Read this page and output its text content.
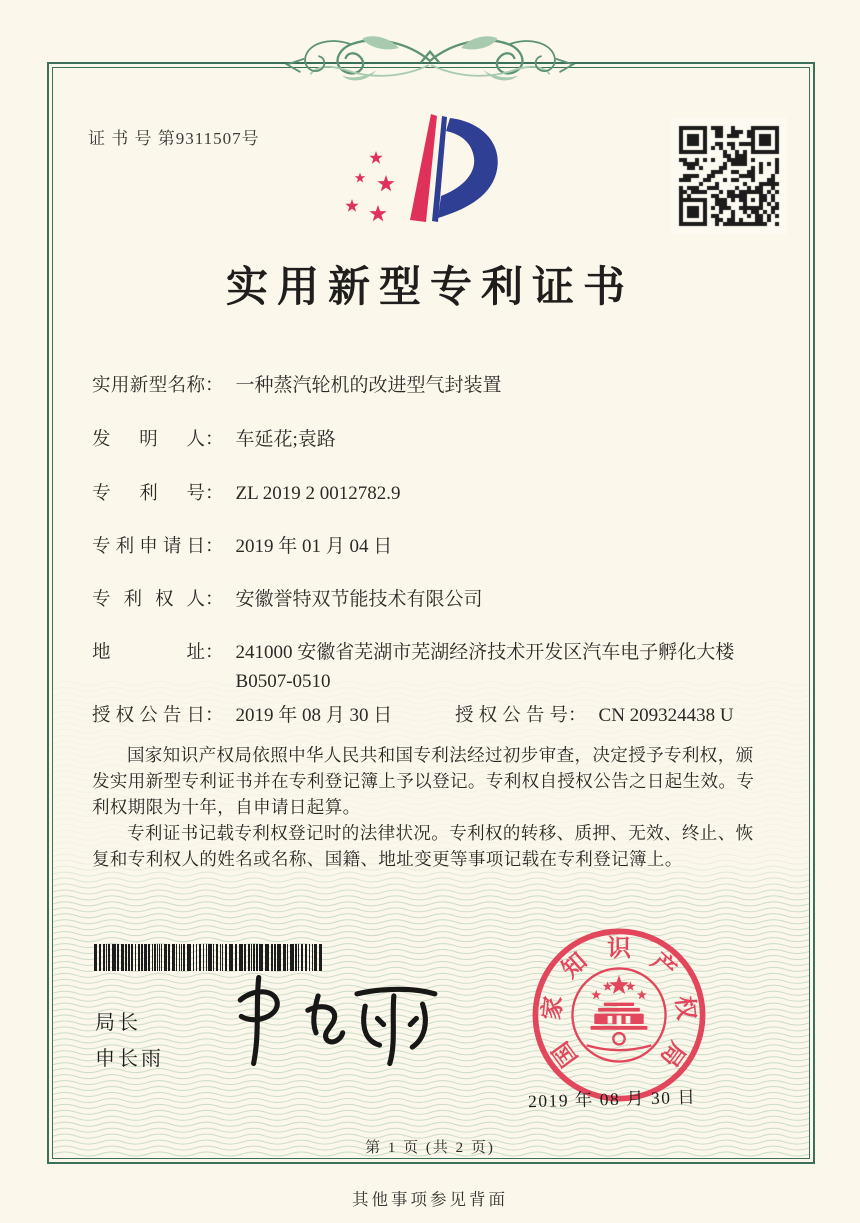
证 书 号 第9311507号
实用新型专利证书
实用新型名称： 一种蒸汽轮机的改进型气封装置
发明人： 车延花;袁路
专利号： ZL 2019 2 0012782.9
专利申请日： 2019 年 01 月 04 日
专利权人： 安徽誉特双节能技术有限公司
地址： 241000 安徽省芜湖市芜湖经济技术开发区汽车电子孵化大楼 B0507-0510
授权公告日： 2019 年 08 月 30 日	授权公告号： CN 209324438 U

国家知识产权局依照中华人民共和国专利法经过初步审查，决定授予专利权，颁发实用新型专利证书并在专利登记簿上予以登记。专利权自授权公告之日起生效。专利权期限为十年，自申请日起算。

专利证书记载专利权登记时的法律状况。专利权的转移、质押、无效、终止、恢复和专利权人的姓名或名称、国籍、地址变更等事项记载在专利登记簿上。

局长
申长雨	国
家
知 识 产
权
局
2019 年 08 月 30 日
第 1 页 (共 2 页)
其他事项参见背面
